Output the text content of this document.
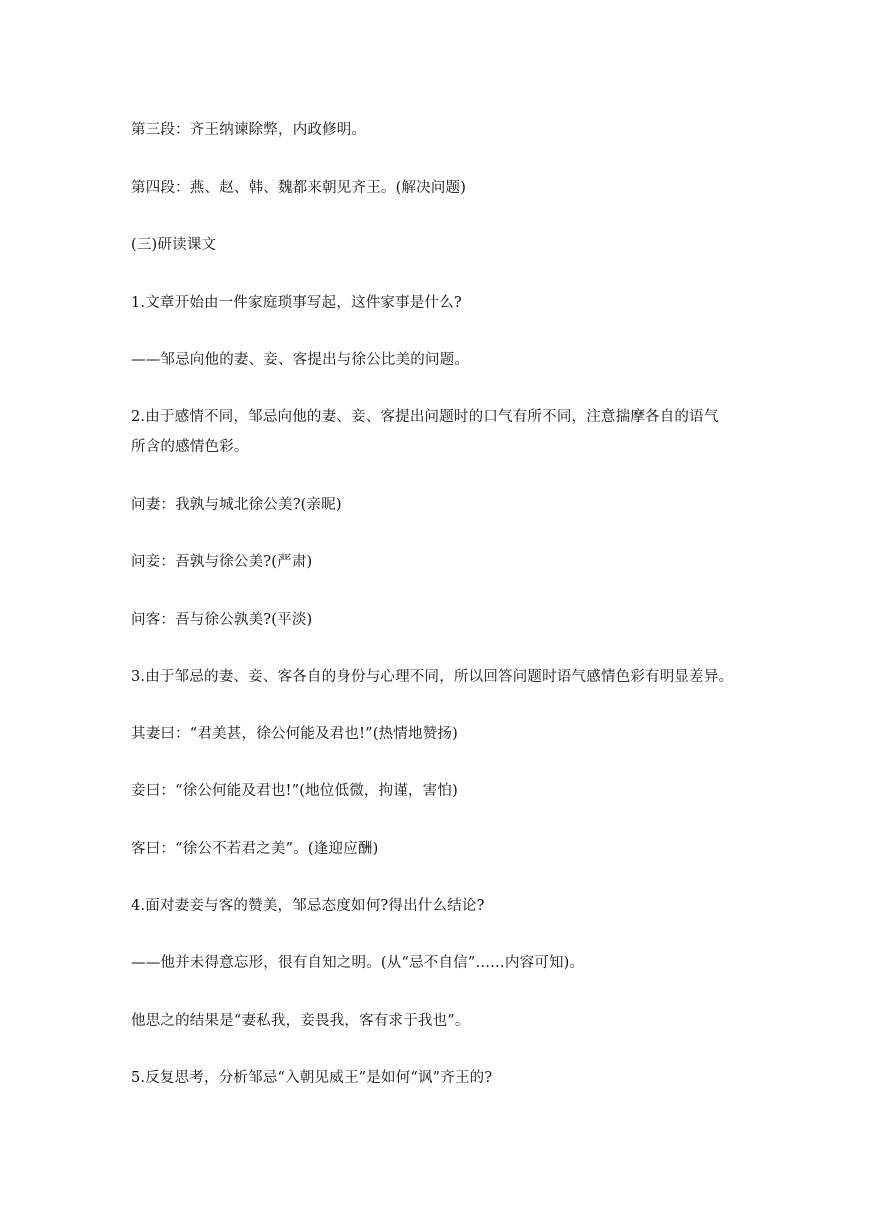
第三段：齐王纳谏除弊，内政修明。
第四段：燕、赵、韩、魏都来朝见齐王。(解决问题)
(三)研读课文
1.文章开始由一件家庭琐事写起，这件家事是什么?
——邹忌向他的妻、妾、客提出与徐公比美的问题。
2.由于感情不同，邹忌向他的妻、妾、客提出问题时的口气有所不同，注意揣摩各自的语气
所含的感情色彩。
问妻：我孰与城北徐公美?(亲昵)
问妾：吾孰与徐公美?(严肃)
问客：吾与徐公孰美?(平淡)
3.由于邹忌的妻、妾、客各自的身份与心理不同，所以回答问题时语气感情色彩有明显差异。
其妻曰：“君美甚，徐公何能及君也!”(热情地赞扬)
妾曰：“徐公何能及君也!”(地位低微，拘谨，害怕)
客曰：“徐公不若君之美”。(逢迎应酬)
4.面对妻妾与客的赞美，邹忌态度如何?得出什么结论?
——他并未得意忘形，很有自知之明。(从“忌不自信”……内容可知)。
他思之的结果是“妻私我，妾畏我，客有求于我也”。
5.反复思考，分析邹忌“入朝见威王”是如何“讽”齐王的?
